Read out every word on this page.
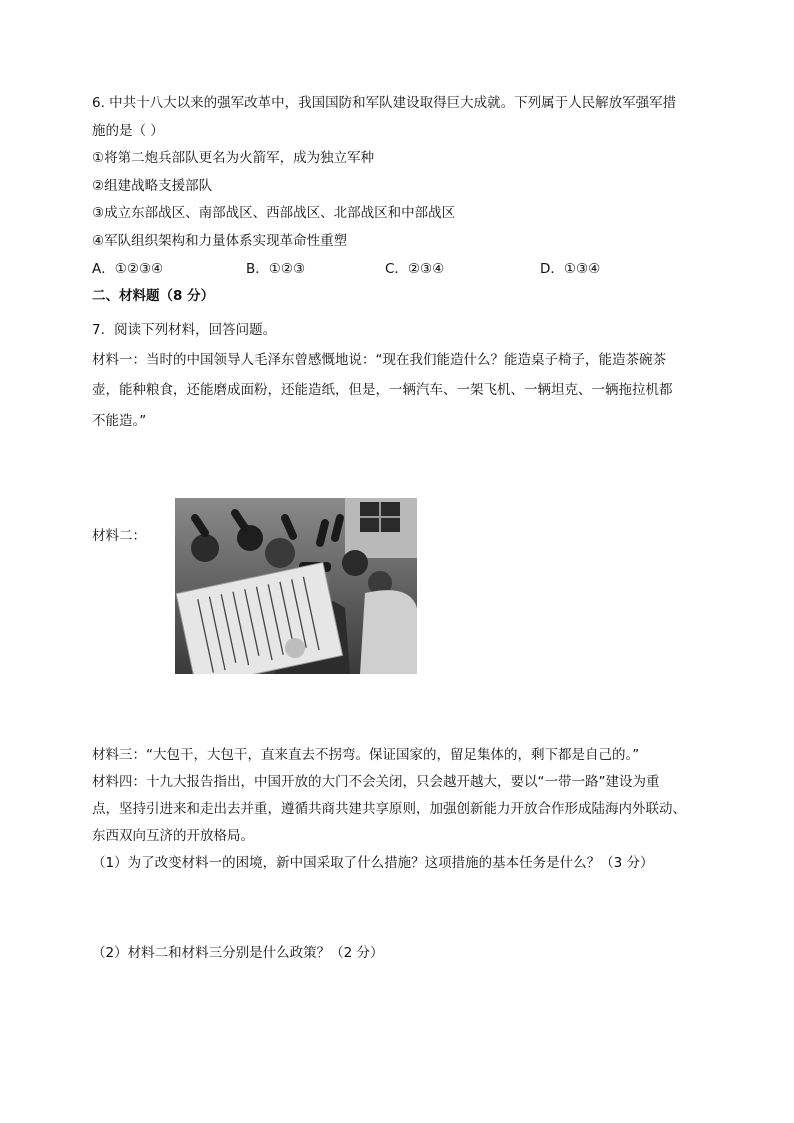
6. 中共十八大以来的强军改革中，我国国防和军队建设取得巨大成就。下列属于人民解放军强军措
施的是（ ）
①将第二炮兵部队更名为火箭军，成为独立军种
②组建战略支援部队
③成立东部战区、南部战区、西部战区、北部战区和中部战区
④军队组织架构和力量体系实现革命性重塑
A．①②③④	B．①②③	C．②③④	D．①③④
二、材料题（8 分）
7．阅读下列材料，回答问题。
材料一：当时的中国领导人毛泽东曾感慨地说：“现在我们能造什么？能造桌子椅子，能造茶碗茶
壶，能种粮食，还能磨成面粉，还能造纸，但是，一辆汽车、一架飞机、一辆坦克、一辆拖拉机都
不能造。”
材料二：
材料三：“大包干，大包干，直来直去不拐弯。保证国家的，留足集体的，剩下都是自己的。”
材料四：十九大报告指出，中国开放的大门不会关闭，只会越开越大，要以“一带一路”建设为重
点，坚持引进来和走出去并重，遵循共商共建共享原则，加强创新能力开放合作形成陆海内外联动、
东西双向互济的开放格局。
（1）为了改变材料一的困境，新中国采取了什么措施？这项措施的基本任务是什么？（3 分）
（2）材料二和材料三分别是什么政策？（2 分）
